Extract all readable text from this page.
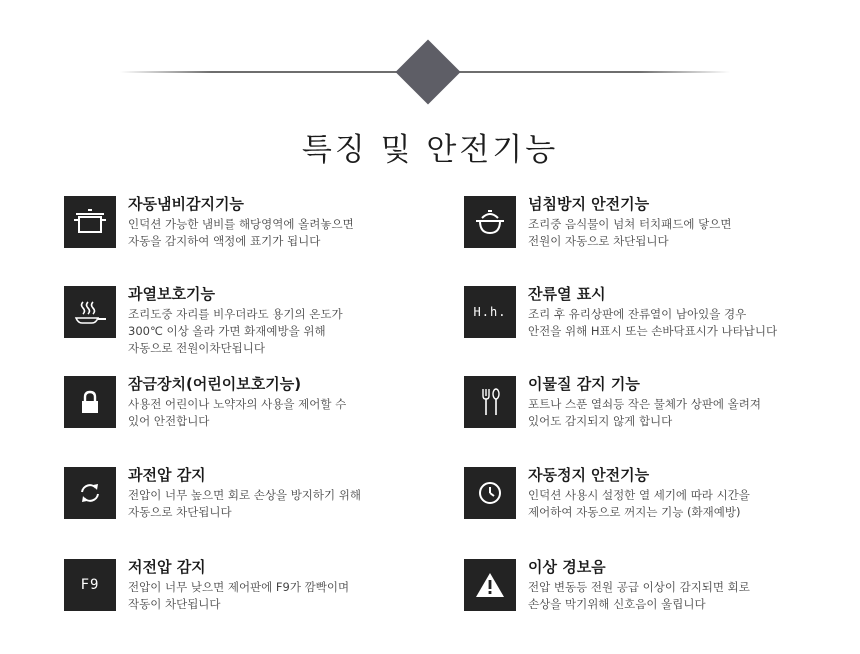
특징 및 안전기능
자동냄비감지기능
인덕션 가능한 냄비를 해당영역에 올려놓으면
자동을 감지하여 액정에 표기가 됩니다
넘침방지 안전기능
조리중 음식물이 넘쳐 터치패드에 닿으면
전원이 자동으로 차단됩니다
과열보호기능
조리도중 자리를 비우더라도 용기의 온도가
300℃ 이상 올라 가면 화재예방을 위해
자동으로 전원이차단됩니다
H.h.
잔류열 표시
조리 후 유리상판에 잔류열이 남아있을 경우
안전을 위해 H표시 또는 손바닥표시가 나타납니다
잠금장치(어린이보호기능)
사용전 어린이나 노약자의 사용을 제어할 수
있어 안전합니다
이물질 감지 기능
포트나 스푼 열쇠등 작은 물체가 상판에 올려져
있어도 감지되지 않게 합니다
과전압 감지
전압이 너무 높으면 회로 손상을 방지하기 위해
자동으로 차단됩니다
자동정지 안전기능
인덕션 사용시 설정한 열 세기에 따라 시간을
제어하여 자동으로 꺼지는 기능 (화재예방)
F9
저전압 감지
전압이 너무 낮으면 제어판에 F9가 깜빡이며
작동이 차단됩니다
이상 경보음
전압 변동등 전원 공급 이상이 감지되면 회로
손상을 막기위해 신호음이 울립니다
